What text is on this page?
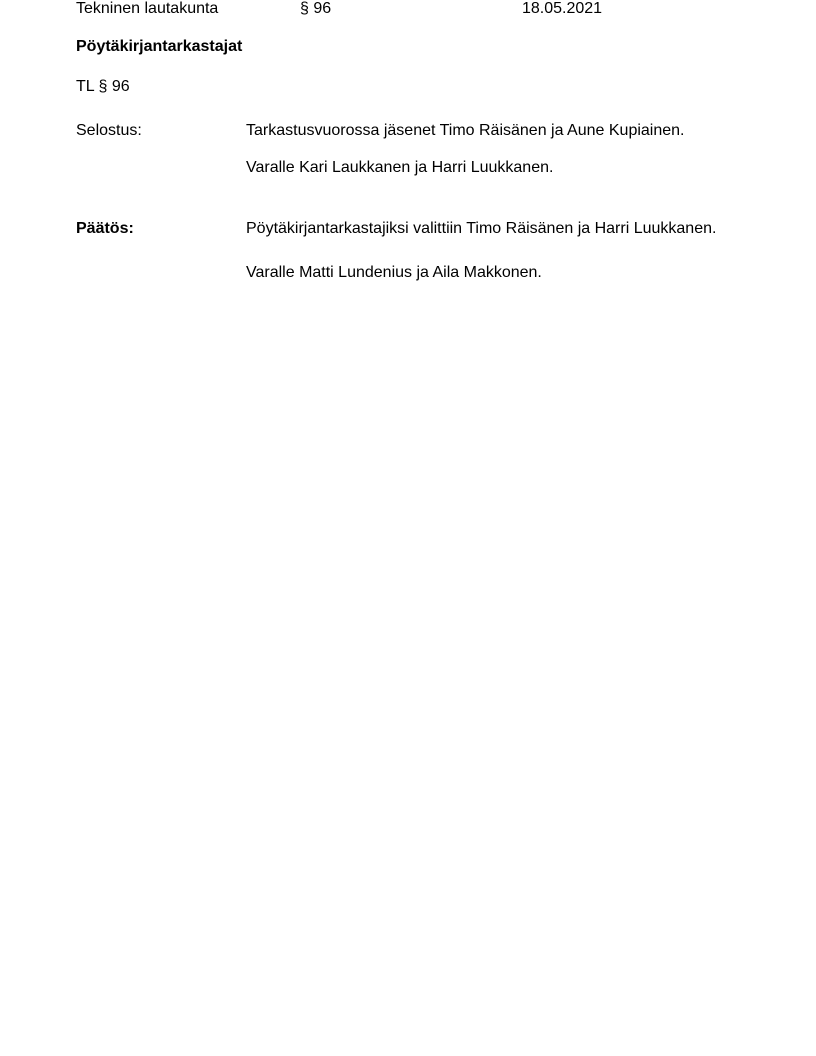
Tekninen lautakunta	§ 96	18.05.2021
Pöytäkirjantarkastajat
TL § 96
Selostus:	Tarkastusvuorossa jäsenet Timo Räisänen ja Aune Kupiainen.
Varalle Kari Laukkanen ja Harri Luukkanen.
Päätös:	Pöytäkirjantarkastajiksi valittiin Timo Räisänen ja Harri Luukkanen.
Varalle Matti Lundenius ja Aila Makkonen.
